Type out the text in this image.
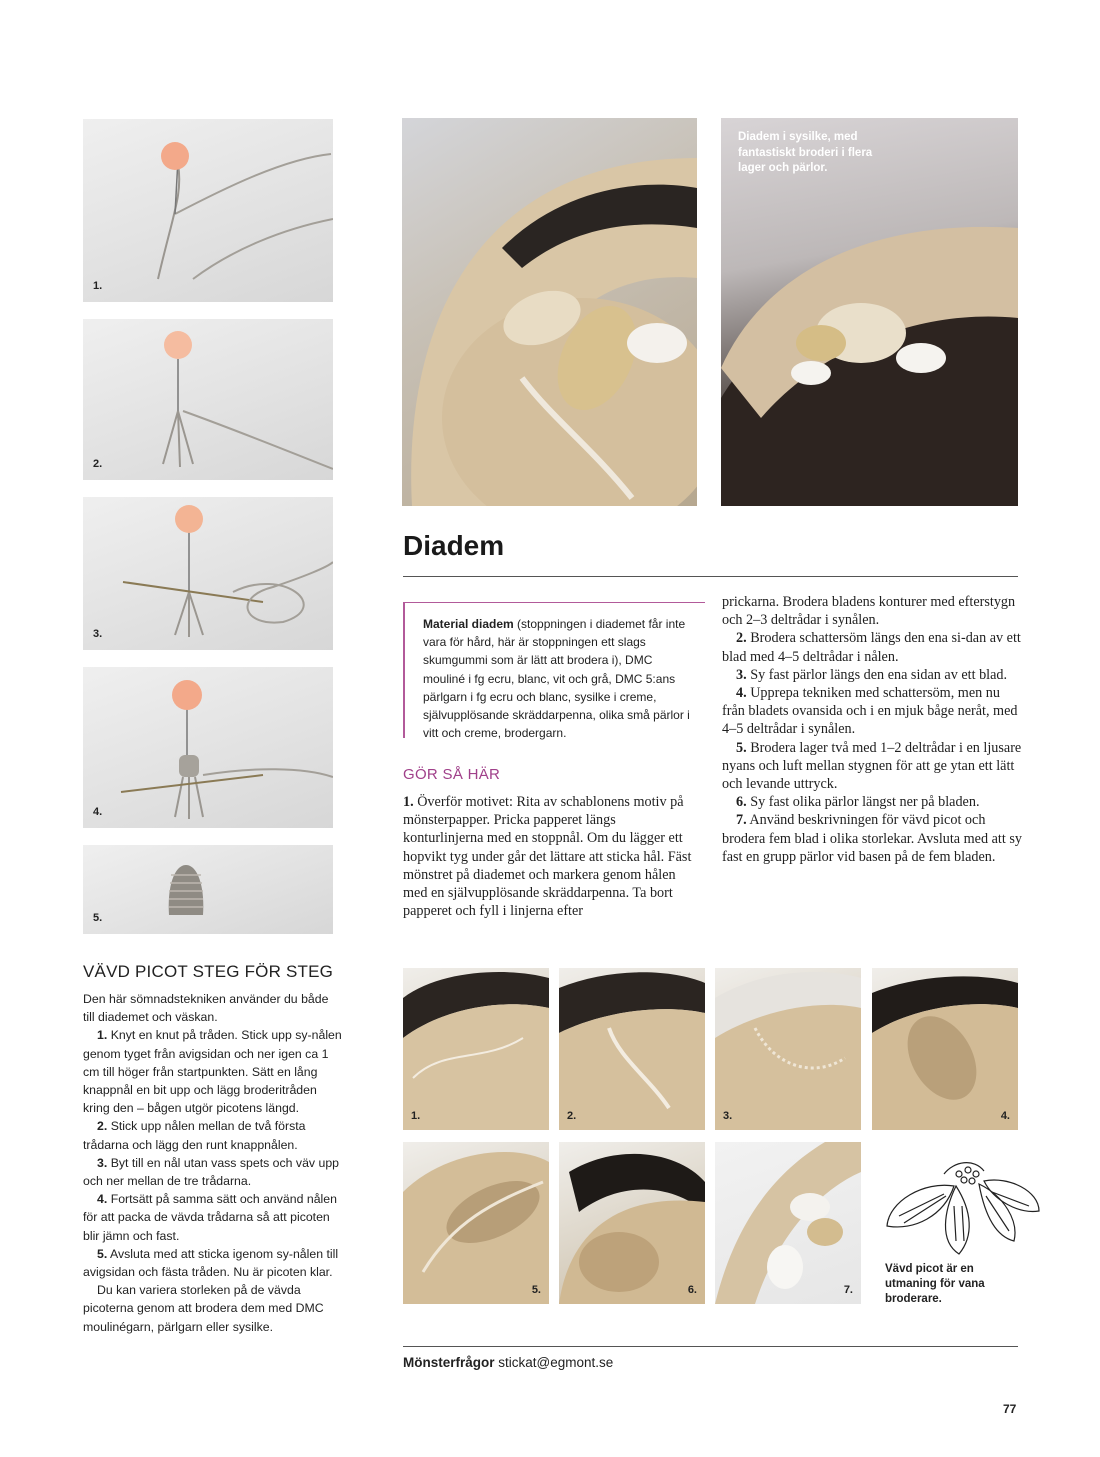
1.
2.
3.
4.
5.
VÄVD PICOT STEG FÖR STEG

Den här sömnadstekniken använder du både till diademet och väskan.

1. Knyt en knut på tråden. Stick upp sy-nålen genom tyget från avigsidan och ner igen ca 1 cm till höger från startpunkten. Sätt en lång knappnål en bit upp och lägg broderitråden kring den – bågen utgör picotens längd.

2. Stick upp nålen mellan de två första trådarna och lägg den runt knappnålen.

3. Byt till en nål utan vass spets och väv upp och ner mellan de tre trådarna.

4. Fortsätt på samma sätt och använd nålen för att packa de vävda trådarna så att picoten blir jämn och fast.

5. Avsluta med att sticka igenom sy-nålen till avigsidan och fästa tråden. Nu är picoten klar.

Du kan variera storleken på de vävda picoterna genom att brodera dem med DMC moulinégarn, pärlgarn eller sysilke.

Diadem i sysilke, med fantastiskt broderi i flera lager och pärlor.
Diadem
Material diadem (stoppningen i diademet får inte vara för hård, här är stoppningen ett slags skumgummi som är lätt att brodera i), DMC mouliné i fg ecru, blanc, vit och grå, DMC 5:ans pärlgarn i fg ecru och blanc, sysilke i creme, självupplösande skräddarpenna, olika små pärlor i vitt och creme, brodergarn.
GÖR SÅ HÄR

1. Överför motivet: Rita av schablonens motiv på mönsterpapper. Pricka papperet längs konturlinjerna med en stoppnål. Om du lägger ett hopvikt tyg under går det lättare att sticka hål. Fäst mönstret på diademet och markera genom hålen med en självupplösande skräddarpenna. Ta bort papperet och fyll i linjerna efter

prickarna. Brodera bladens konturer med efterstygn och 2–3 deltrådar i synålen.

2. Brodera schattersöm längs den ena si-dan av ett blad med 4–5 deltrådar i nålen.

3. Sy fast pärlor längs den ena sidan av ett blad.

4. Upprepa tekniken med schattersöm, men nu från bladets ovansida och i en mjuk båge neråt, med 4–5 deltrådar i synålen.

5. Brodera lager två med 1–2 deltrådar i en ljusare nyans och luft mellan stygnen för att ge ytan ett lätt och levande uttryck.

6. Sy fast olika pärlor längst ner på bladen.

7. Använd beskrivningen för vävd picot och brodera fem blad i olika storlekar. Avsluta med att sy fast en grupp pärlor vid basen på de fem bladen.

1.	2.	3.	4.
5.	6.	7.
Vävd picot är en utmaning för vana broderare.
Mönsterfrågor stickat@egmont.se
77
